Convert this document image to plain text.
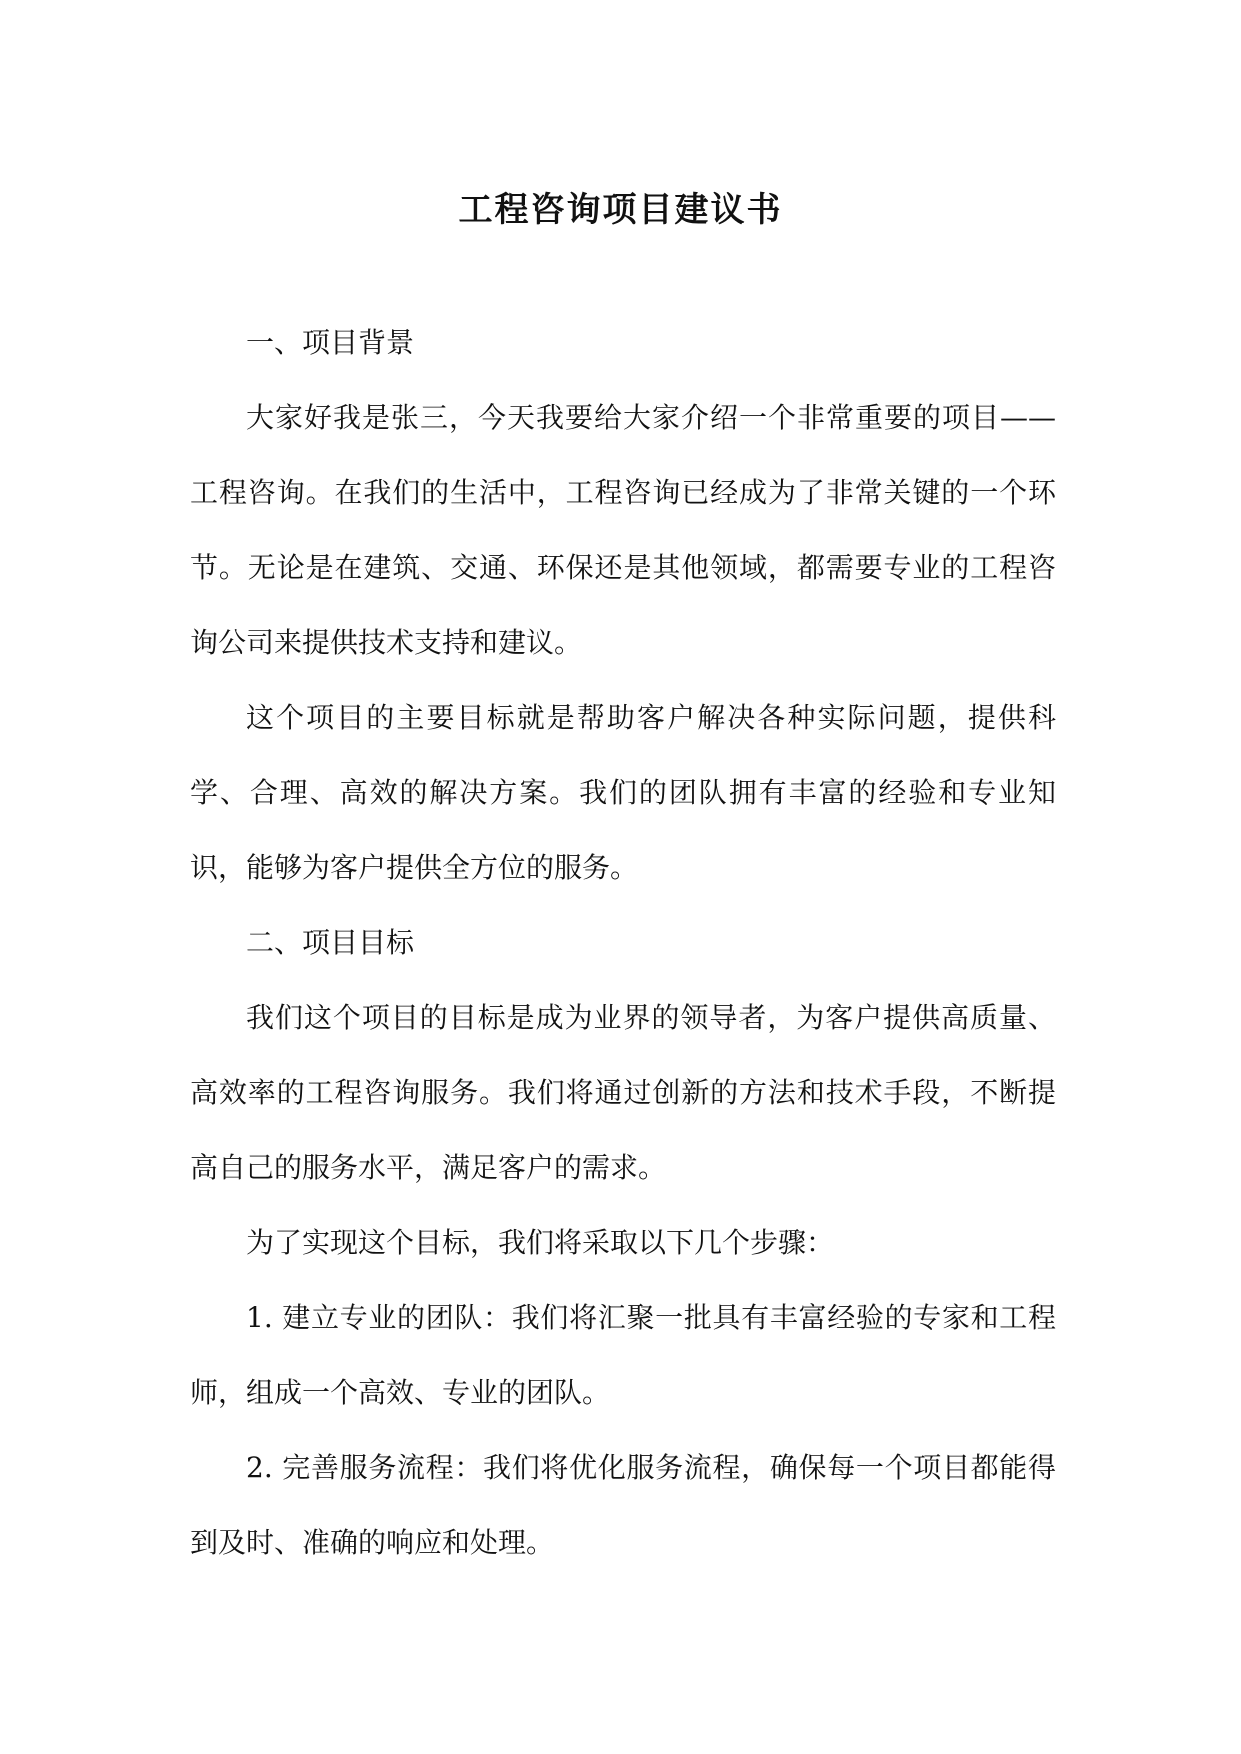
工程咨询项目建议书

一、项目背景

大家好我是张三，今天我要给大家介绍一个非常重要的项目——工程咨询。在我们的生活中，工程咨询已经成为了非常关键的一个环节。无论是在建筑、交通、环保还是其他领域，都需要专业的工程咨询公司来提供技术支持和建议。

这个项目的主要目标就是帮助客户解决各种实际问题，提供科学、合理、高效的解决方案。我们的团队拥有丰富的经验和专业知识，能够为客户提供全方位的服务。

二、项目目标

我们这个项目的目标是成为业界的领导者，为客户提供高质量、高效率的工程咨询服务。我们将通过创新的方法和技术手段，不断提高自己的服务水平，满足客户的需求。

为了实现这个目标，我们将采取以下几个步骤：

1. 建立专业的团队：我们将汇聚一批具有丰富经验的专家和工程师，组成一个高效、专业的团队。

2. 完善服务流程：我们将优化服务流程，确保每一个项目都能得到及时、准确的响应和处理。
